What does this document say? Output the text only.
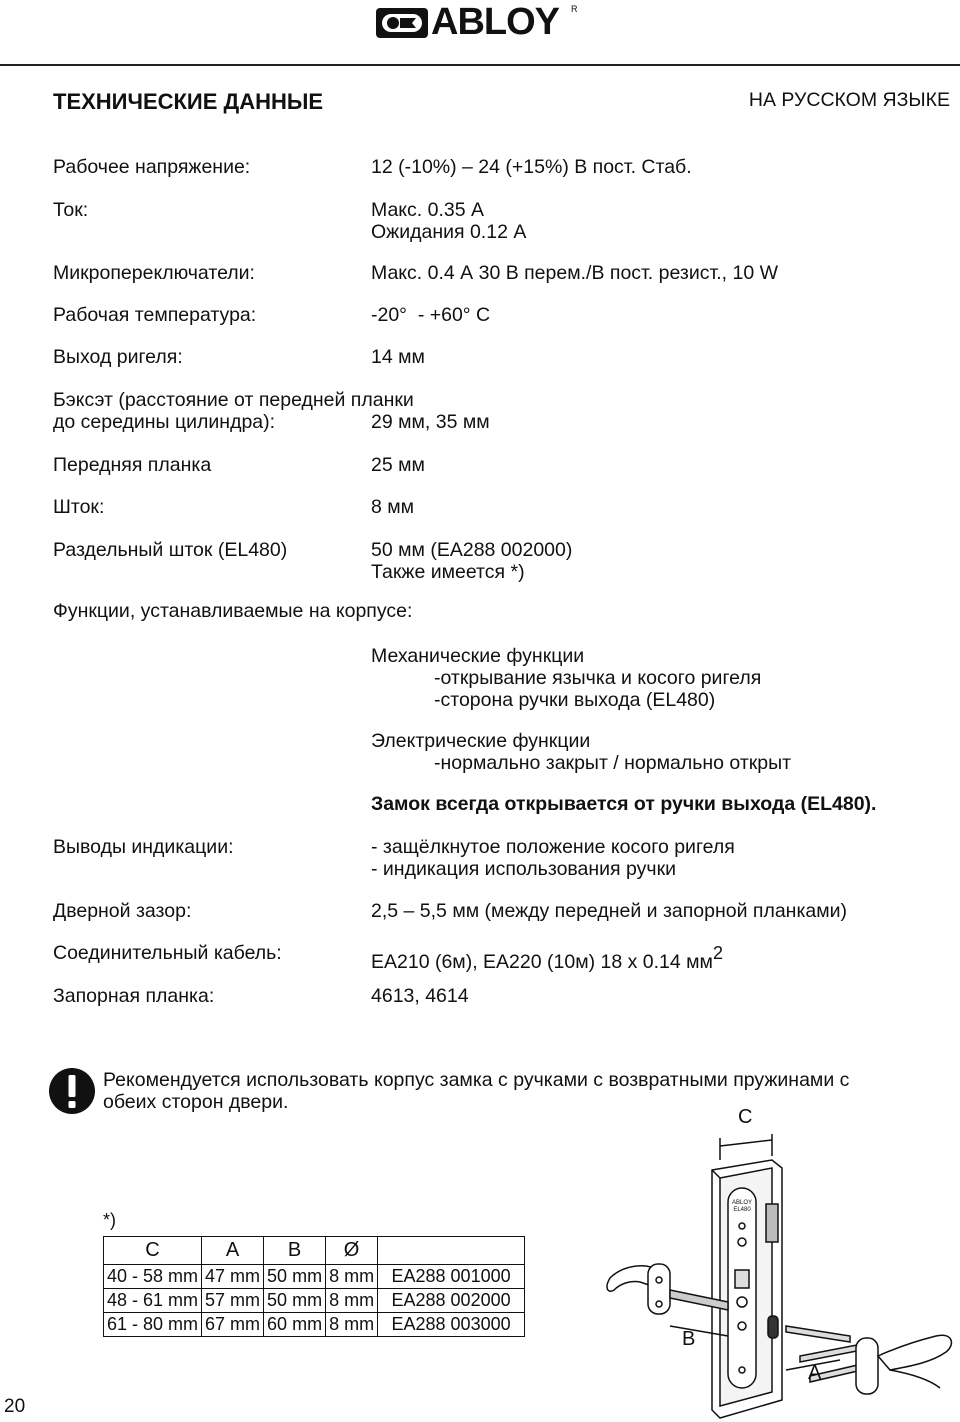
ABLOY R
ТЕХНИЧЕСКИЕ ДАННЫЕ	НА РУССКОМ ЯЗЫКЕ
Рабочее напряжение:	12 (-10%) – 24 (+15%) В пост. Стаб.
Ток:	Макс. 0.35 А
Ожидания 0.12 А
Микропереключатели:	Макс. 0.4 А 30 В перем./В пост. резист., 10 W
Рабочая температура:	-20°  - +60° C
Выход ригеля:	14 мм
Бэксэт (расстояние от передней планки
до середины цилиндра):	29 мм, 35 мм
Передняя планка	25 мм
Шток:	8 мм
Раздельный шток (EL480)	50 мм (EA288 002000)
Также имеется *)
Функции, устанавливаемые на корпусе:
Механические функции
-открывание язычка и косого ригеля
-сторона ручки выхода (EL480)
Электрические функции
-нормально закрыт / нормально открыт
Замок всегда открывается от ручки выхода (EL480).
Выводы индикации:	- защёлкнутое положение косого ригеля
- индикация использования ручки
Дверной зазор:	2,5 – 5,5 мм (между передней и запорной планками)
Соединительный кабель:	EA210 (6м), EA220 (10м) 18 x 0.14 $мм^2$
Запорная планка:	4613, 4614
Рекомендуется использовать корпус замка с ручками с возвратными пружинами с
обеих сторон двери.
*)
C	A	B	Ø	
40 - 58 mm	47 mm	50 mm	8 mm	EA288 001000
48 - 61 mm	57 mm	50 mm	8 mm	EA288 002000
61 - 80 mm	67 mm	60 mm	8 mm	EA288 003000
C
B
A
ABLOY
EL480
20
